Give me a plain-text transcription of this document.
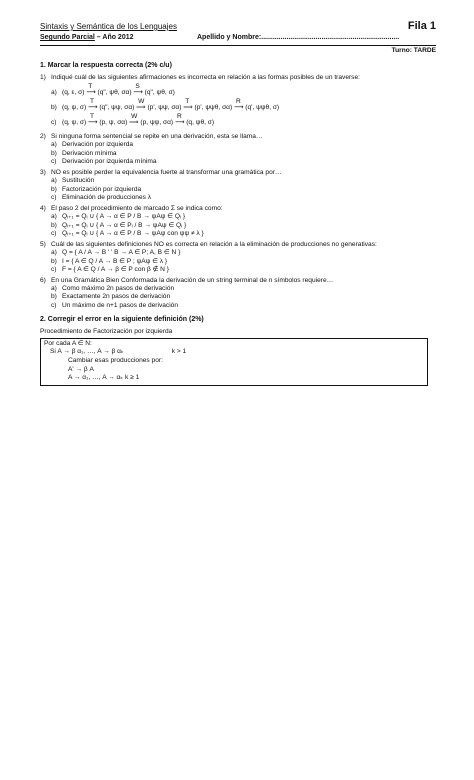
Sintaxis y Semántica de los Lenguajes	Fila 1
Segundo Parcial – Año 2012	Apellido y Nombre:.......................................................................
Turno: TARDE
1. Marcar la respuesta correcta (2% c/u)
1) Indiqué cuál de las siguientes afirmaciones es incorrecta en relación a las formas posibles de un traverse:
a) (q, ε, σ)
T
⟶ (q", ψθ, σα)
S
⟶ (q", ψθ, σ)
b) (q, ψ, σ)
T
⟶ (q", ψψ, σα)
W
⟹ (p', ψψ, σα)
T
⟹ (p', ψψθ, σα)
R
⟶ (q', ψψθ, σ)
c) (q, ψ, σ)
T
⟶ (p, ψ, σα)
W
⟹ (p, ψψ, σα)
R
⟶ (q, ψθ, σ)
2) Si ninguna forma sentencial se repite en una derivación, esta se llama…
a) Derivación por izquierda
b) Derivación mínima
c) Derivación por izquierda mínima
3) NO es posible perder la equivalencia fuerte al transformar una gramática por…
a) Sustitución
b) Factorización por izquierda
c) Eliminación de producciones λ
4) El paso 2 del procedimiento de marcado Σ se indica como:
a) Qᵢ₊₁ = Qᵢ ∪ { A → α ∈ P / B → ψAψ ∈ Qᵢ }
b) Qᵢ₊₁ = Qᵢ ∪ { A → α ∈ Pᵢ / B → ψAψ ∈ Qᵢ }
c) Qᵢ₊₁ = Qᵢ ∪ { A → α ∈ P / B → ψAψ con ψψ ≠ λ }
5) Cuál de las siguientes definiciones NO es correcta en relación a la eliminación de producciones no generativas:
a) Q = { A / A → B ' ' B → A ∈ P; A, B ∈ N }
b) I = { A ∈ Q / A → B ∈ P ; ψAψ ∈ λ }
c) F = { A ∈ Q / A → β ∈ P con β ∉ N }
6) En una Gramática Bien Conformada la derivación de un string terminal de n símbolos requiere…
a) Como máximo 2n pasos de derivación
b) Exactamente 2n pasos de derivación
c) Un máximo de n+1 pasos de derivación
2. Corregir el error en la siguiente definición (2%)
Procedimiento de Factorización por izquierda
Por cada A ∈ N:
Si A → β α₁, …, A → β αₖ	k > 1
Cambiar esas producciones por:
A' → β A
A → α₁, …, A → αₖ k ≥ 1
